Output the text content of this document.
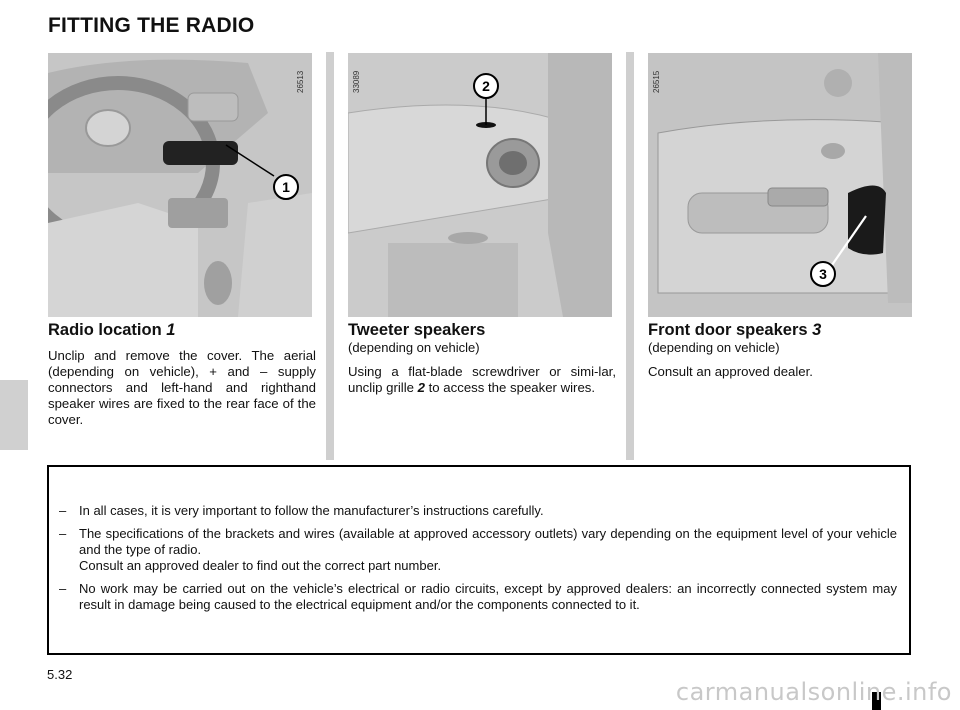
FITTING THE RADIO
26513
1
33089	2	26515
3
Radio location 1

Unclip and remove the cover. The aerial (depending on vehicle), + and – supply connectors and left-hand and righthand speaker wires are fixed to the rear face of the cover.

Tweeter speakers
(depending on vehicle)

Using a flat-blade screwdriver or simi-lar, unclip grille 2 to access the speaker wires.

Front door speakers 3
(depending on vehicle)

Consult an approved dealer.

– In all cases, it is very important to follow the manufacturer’s instructions carefully.
– The specifications of the brackets and wires (available at approved accessory outlets) vary depending on the equipment level of your vehicle and the type of radio.
Consult an approved dealer to find out the correct part number.
– No work may be carried out on the vehicle’s electrical or radio circuits, except by approved dealers: an incorrectly connected system may result in damage being caused to the electrical equipment and/or the components connected to it.
5.32
carmanualsonline.info
